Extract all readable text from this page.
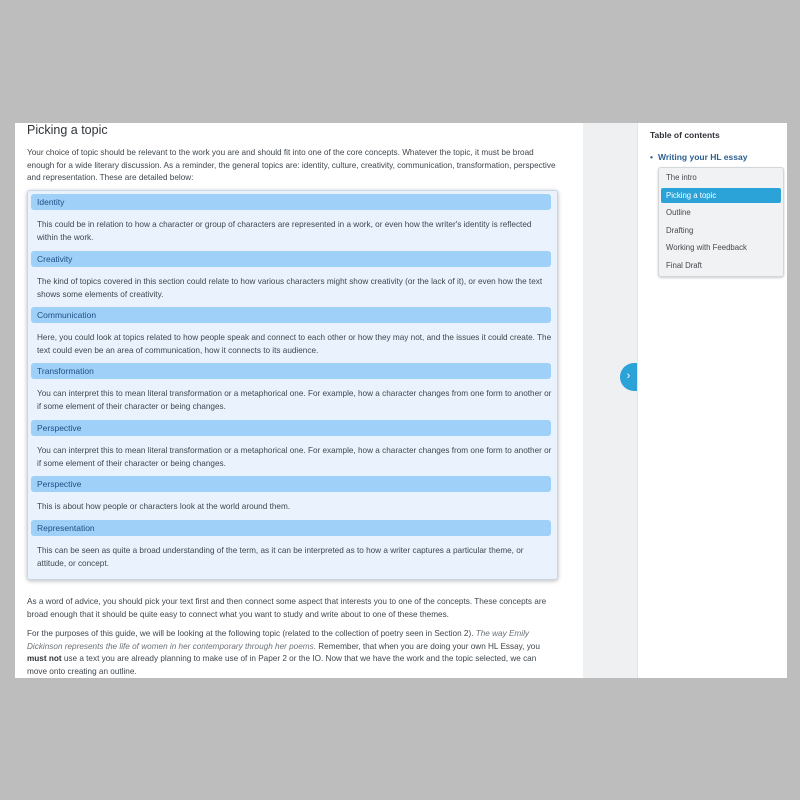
Picking a topic

Your choice of topic should be relevant to the work you are and should fit into one of the core concepts. Whatever the topic, it must be broad enough for a wide literary discussion. As a reminder, the general topics are: identity, culture, creativity, communication, transformation, perspective and representation. These are detailed below:

Identity

This could be in relation to how a character or group of characters are represented in a work, or even how the writer's identity is reflected within the work.

Creativity

The kind of topics covered in this section could relate to how various characters might show creativity (or the lack of it), or even how the text shows some elements of creativity.

Communication

Here, you could look at topics related to how people speak and connect to each other or how they may not, and the issues it could create. The text could even be an area of communication, how it connects to its audience.

Transformation

You can interpret this to mean literal transformation or a metaphorical one. For example, how a character changes from one form to another or if some element of their character or being changes.

Perspective

You can interpret this to mean literal transformation or a metaphorical one. For example, how a character changes from one form to another or if some element of their character or being changes.

Perspective

This is about how people or characters look at the world around them.

Representation

This can be seen as quite a broad understanding of the term, as it can be interpreted as to how a writer captures a particular theme, or attitude, or concept.

As a word of advice, you should pick your text first and then connect some aspect that interests you to one of the concepts. These concepts are broad enough that it should be quite easy to connect what you want to study and write about to one of these themes.

For the purposes of this guide, we will be looking at the following topic (related to the collection of poetry seen in Section 2). The way Emily Dickinson represents the life of women in her contemporary through her poems. Remember, that when you are doing your own HL Essay, you must not use a text you are already planning to make use of in Paper 2 or the IO. Now that we have the work and the topic selected, we can move onto creating an outline.

›
Table of contents
• Writing your HL essay
The intro
Picking a topic
Outline
Drafting
Working with Feedback
Final Draft
